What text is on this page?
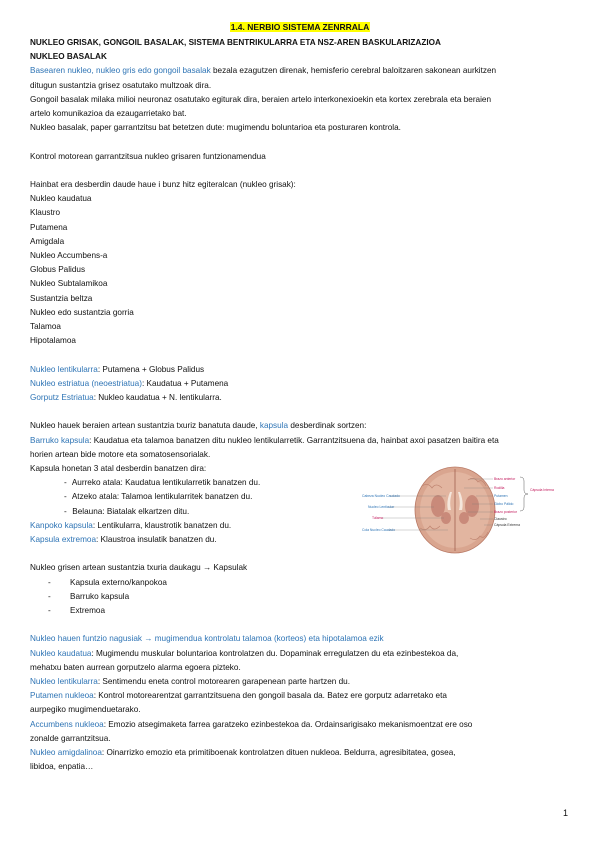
1.4. NERBIO SISTEMA ZENRRALA

NUKLEO GRISAK, GONGOIL BASALAK, SISTEMA BENTRIKULARRA ETA NSZ-AREN BASKULARIZAZIOA

NUKLEO BASALAK

Basearen nukleo, nukleo gris edo gongoil basalak bezala ezagutzen direnak, hemisferio cerebral baloitzaren sakonean aurkitzen

ditugun sustantzia grisez osatutako multzoak dira.

Gongoil basalak milaka milioi neuronaz osatutako egiturak dira, beraien artelo interkonexioekin eta kortex zerebrala eta beraien

artelo komunikazioa da ezaugarrietako bat.

Nukleo basalak, paper garrantzitsu bat betetzen dute: mugimendu boluntarioa eta posturaren kontrola.

Kontrol motorean garrantzitsua nukleo grisaren funtzionamendua

Hainbat era desberdin daude haue i bunz hitz egiteralcan (nukleo grisak):

Nukleo kaudatua

Klaustro

Putamena

Amigdala

Nukleo Accumbens-a

Globus Palidus

Nukleo Subtalamikoa

Sustantzia beltza

Nukleo edo sustantzia gorria

Talamoa

Hipotalamoa

Nukleo lentikularra: Putamena + Globus Palidus

Nukleo estriatua (neoestriatua): Kaudatua + Putamena

Gorputz Estriatua: Nukleo kaudatua + N. lentikularra.

Nukleo hauek beraien artean sustantzia txuriz banatuta daude, kapsula desberdinak sortzen:

Barruko kapsula: Kaudatua eta talamoa banatzen ditu nukleo lentikularretik. Garrantzitsuena da, hainbat axoi pasatzen baitira eta

horien artean bide motore eta somatosensorialak.

Kapsula honetan 3 atal desberdin banatzen dira:

- Aurreko atala: Kaudatua lentikularretik banatzen du.

- Atzeko atala: Talamoa lentikularritek banatzen du.

- Belauna: Biatalak elkartzen ditu.

Kanpoko kapsula: Lentikularra, klaustrotik banatzen du.

Kapsula extremoa: Klaustroa insulatik banatzen du.

Nukleo grisen artean sustantzia txuria daukagu → Kapsulak

- Kapsula externo/kanpokoa

- Barruko kapsula

- Extremoa

Nukleo hauen funtzio nagusiak → mugimendua kontrolatu talamoa (korteos) eta hipotalamoa ezik

Nukleo kaudatua: Mugimendu muskular boluntarioa kontrolatzen du. Dopaminak erregulatzen du eta ezinbestekoa da,

mehatxu baten aurrean gorputzelo alarma egoera pizteko.

Nukleo lentikularra: Sentimendu eneta control motorearen garapenean parte hartzen du.

Putamen nukleoa: Kontrol motorearentzat garrantzitsuena den gongoil basala da. Batez ere gorputz adarretako eta

aurpegiko mugimenduetarako.

Accumbens nukleoa: Emozio atsegimaketa farrea garatzeko ezinbestekoa da. Ordainsarigisako mekanismoentzat ere oso

zonalde garrantzitsua.

Nukleo amigdalinoa: Oinarrizko emozio eta primitiboenak kontrolatzen dituen nukleoa. Beldurra, agresibitatea, gosea,

libidoa, enpatia…

Cabeza Nucleo Caudado
Nucleo Lenticular
Tálamo
Cola Nucleo Caudado
Brazo anterior
Rodilla
Putamen
Globo Pálido
Brazo posterior
Claustro
Cápsula Extrema
Cápsula Interna
1
